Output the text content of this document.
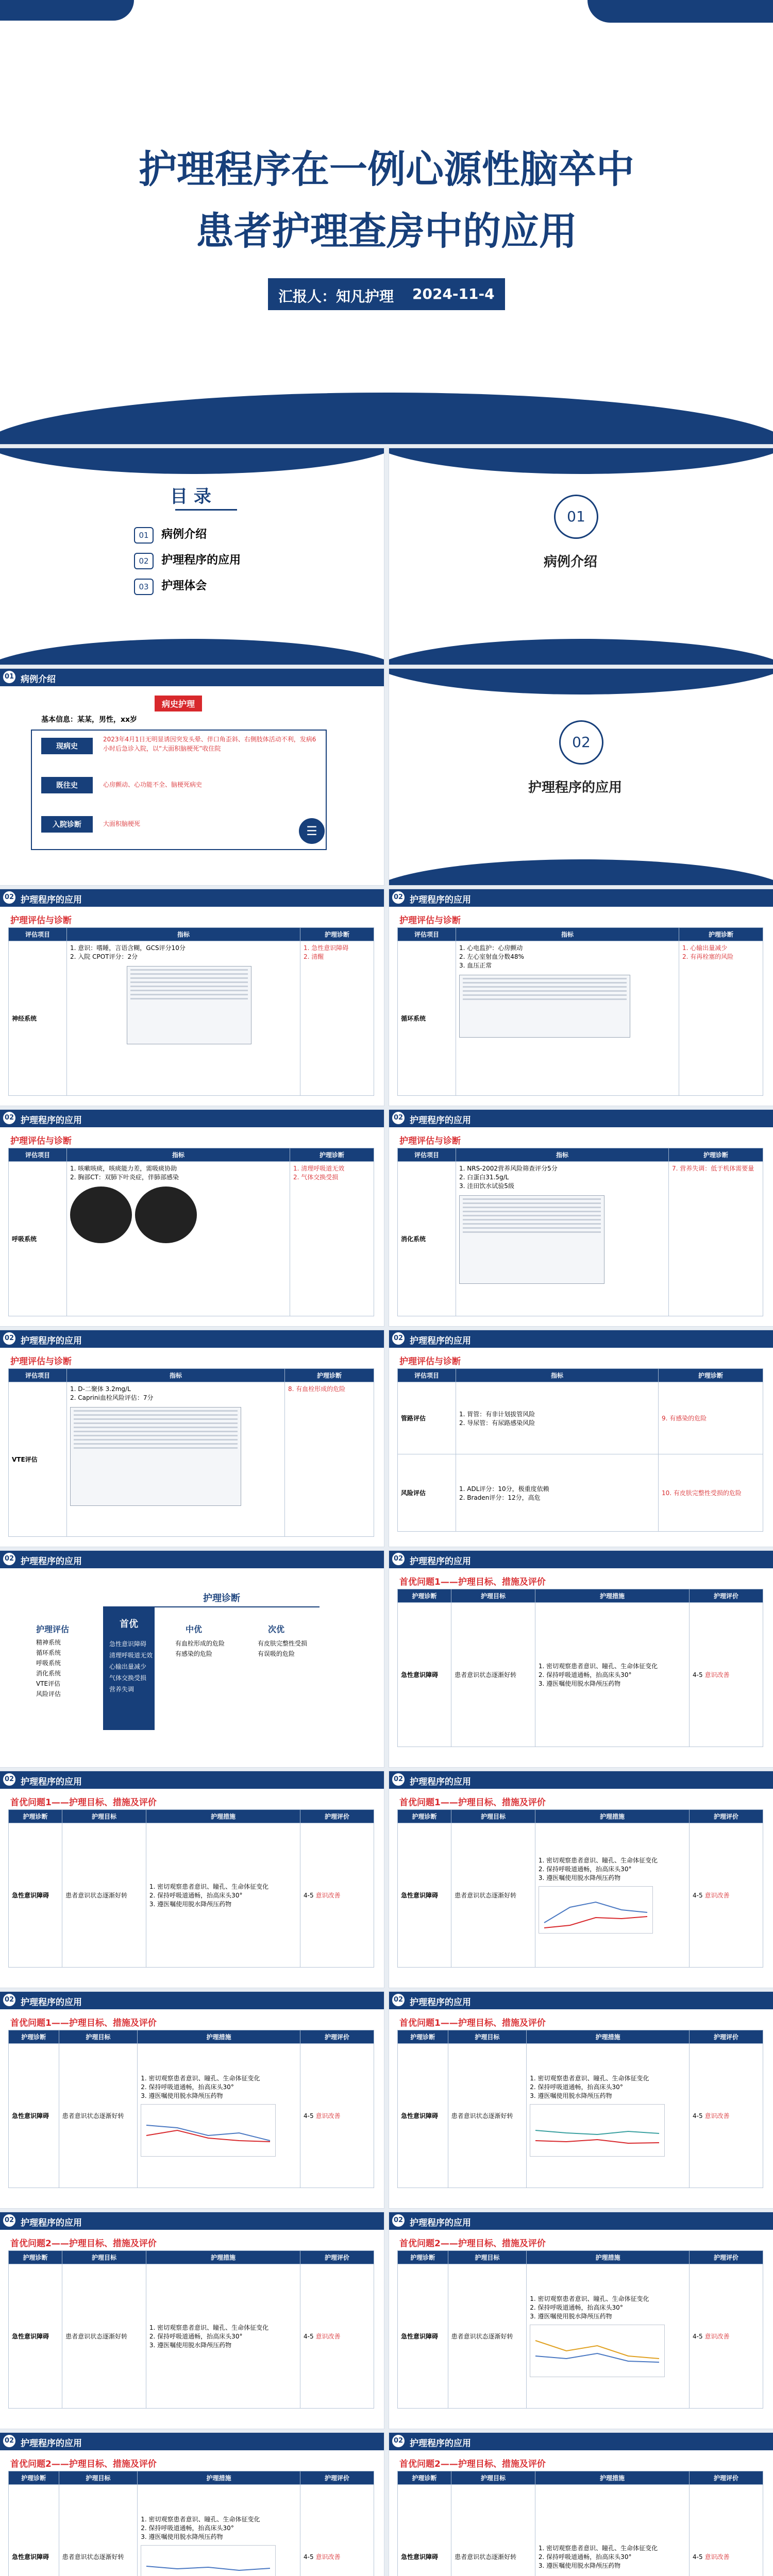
护理程序在一例心源性脑卒中
患者护理查房中的应用
汇报人：知凡护理 2024-11-4
目 录
01 病例介绍
02 护理程序的应用
03 护理体会
01
病例介绍
01 病例介绍
病史护理
基本信息：某某，男性，xx岁
现病史
2023年4月1日无明显诱因突发头晕、伴口角歪斜、右侧肢体活动不利，发病6小时后急诊入院，以“大面积脑梗死”收住院
既往史	心房颤动、心功能不全、脑梗死病史
入院诊断	大面积脑梗死	☰
02
护理程序的应用
02 护理程序的应用
护理评估与诊断
评估项目	指标	护理诊断
神经系统	1. 意识：嗜睡，言语含糊，GCS评分10分
2. 入院 CPOT评分：2分	1. 急性意识障碍
2. 清醒
02 护理程序的应用
护理评估与诊断
评估项目	指标	护理诊断
循环系统	1. 心电监护：心房颤动
2. 左心室射血分数48%
3. 血压正常	1. 心输出量减少
2. 有再栓塞的风险
02 护理程序的应用
护理评估与诊断
评估项目	指标	护理诊断
呼吸系统	1. 咳嗽咳痰，咳痰能力差，需吸痰协助
2. 胸部CT：双肺下叶炎症，伴肺部感染	1. 清理呼吸道无效
2. 气体交换受损
02 护理程序的应用
护理评估与诊断
评估项目	指标	护理诊断
消化系统	1. NRS-2002营养风险筛查评分5分
2. 白蛋白31.5g/L
3. 洼田饮水试验5级	7. 营养失调：低于机体需要量
02 护理程序的应用
护理评估与诊断
评估项目	指标	护理诊断
VTE评估	1. D-二聚体 3.2mg/L
2. Caprini血栓风险评估：7分	8. 有血栓形成的危险
02 护理程序的应用
护理评估与诊断
评估项目	指标	护理诊断
管路评估	1. 胃管：有非计划拔管风险
2. 导尿管：有尿路感染风险	9. 有感染的危险
风险评估	1. ADL评分：10分，极重度依赖
2. Braden评分：12分，高危	10. 有皮肤完整性受损的危险
02 护理程序的应用
护理诊断
护理评估
精神系统
循环系统
呼吸系统
消化系统
VTE评估
风险评估
首优
急性意识障碍
清理呼吸道无效
心输出量减少
气体交换受损
营养失调
中优
有血栓形成的危险
有感染的危险
次优
有皮肤完整性受损
有误吸的危险
02 护理程序的应用
首优问题1——护理目标、措施及评价
护理诊断	护理目标	护理措施	护理评价
急性意识障碍	患者意识状态逐渐好转	1. 密切观察患者意识、瞳孔、生命体征变化
2. 保持呼吸道通畅，抬高床头30°
3. 遵医嘱使用脱水降颅压药物	4-5 意识改善
02 护理程序的应用
首优问题1——护理目标、措施及评价
护理诊断	护理目标	护理措施	护理评价
急性意识障碍	患者意识状态逐渐好转	1. 密切观察患者意识、瞳孔、生命体征变化
2. 保持呼吸道通畅，抬高床头30°
3. 遵医嘱使用脱水降颅压药物	4-5 意识改善
02 护理程序的应用
首优问题1——护理目标、措施及评价
护理诊断	护理目标	护理措施	护理评价
急性意识障碍	患者意识状态逐渐好转	1. 密切观察患者意识、瞳孔、生命体征变化
2. 保持呼吸道通畅，抬高床头30°
3. 遵医嘱使用脱水降颅压药物	4-5 意识改善
02 护理程序的应用
首优问题1——护理目标、措施及评价
护理诊断	护理目标	护理措施	护理评价
急性意识障碍	患者意识状态逐渐好转	1. 密切观察患者意识、瞳孔、生命体征变化
2. 保持呼吸道通畅，抬高床头30°
3. 遵医嘱使用脱水降颅压药物	4-5 意识改善
02 护理程序的应用
首优问题1——护理目标、措施及评价
护理诊断	护理目标	护理措施	护理评价
急性意识障碍	患者意识状态逐渐好转	1. 密切观察患者意识、瞳孔、生命体征变化
2. 保持呼吸道通畅，抬高床头30°
3. 遵医嘱使用脱水降颅压药物	4-5 意识改善
02 护理程序的应用
首优问题2——护理目标、措施及评价
护理诊断	护理目标	护理措施	护理评价
急性意识障碍	患者意识状态逐渐好转	1. 密切观察患者意识、瞳孔、生命体征变化
2. 保持呼吸道通畅，抬高床头30°
3. 遵医嘱使用脱水降颅压药物	4-5 意识改善
02 护理程序的应用
首优问题2——护理目标、措施及评价
护理诊断	护理目标	护理措施	护理评价
急性意识障碍	患者意识状态逐渐好转	1. 密切观察患者意识、瞳孔、生命体征变化
2. 保持呼吸道通畅，抬高床头30°
3. 遵医嘱使用脱水降颅压药物	4-5 意识改善
02 护理程序的应用
首优问题2——护理目标、措施及评价
护理诊断	护理目标	护理措施	护理评价
急性意识障碍	患者意识状态逐渐好转	1. 密切观察患者意识、瞳孔、生命体征变化
2. 保持呼吸道通畅，抬高床头30°
3. 遵医嘱使用脱水降颅压药物	4-5 意识改善
02 护理程序的应用
首优问题2——护理目标、措施及评价
护理诊断	护理目标	护理措施	护理评价
急性意识障碍	患者意识状态逐渐好转	1. 密切观察患者意识、瞳孔、生命体征变化
2. 保持呼吸道通畅，抬高床头30°
3. 遵医嘱使用脱水降颅压药物	4-5 意识改善
